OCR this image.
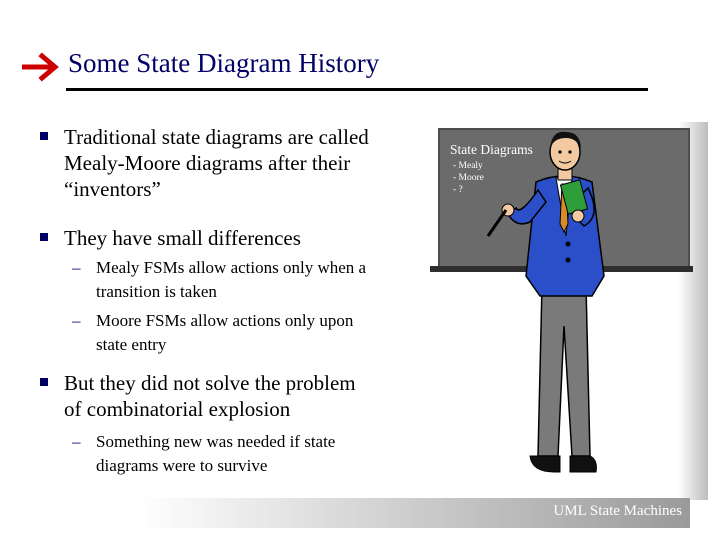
UML State Machines
Some State Diagram History
Traditional state diagrams are called
Mealy-Moore diagrams after their
“inventors”
They have small differences
– Mealy FSMs allow actions only when a
transition is taken
– Moore FSMs allow actions only upon
state entry
But they did not solve the problem
of combinatorial explosion
– Something new was needed if state
diagrams were to survive
State Diagrams
- Mealy
- Moore
- ?
